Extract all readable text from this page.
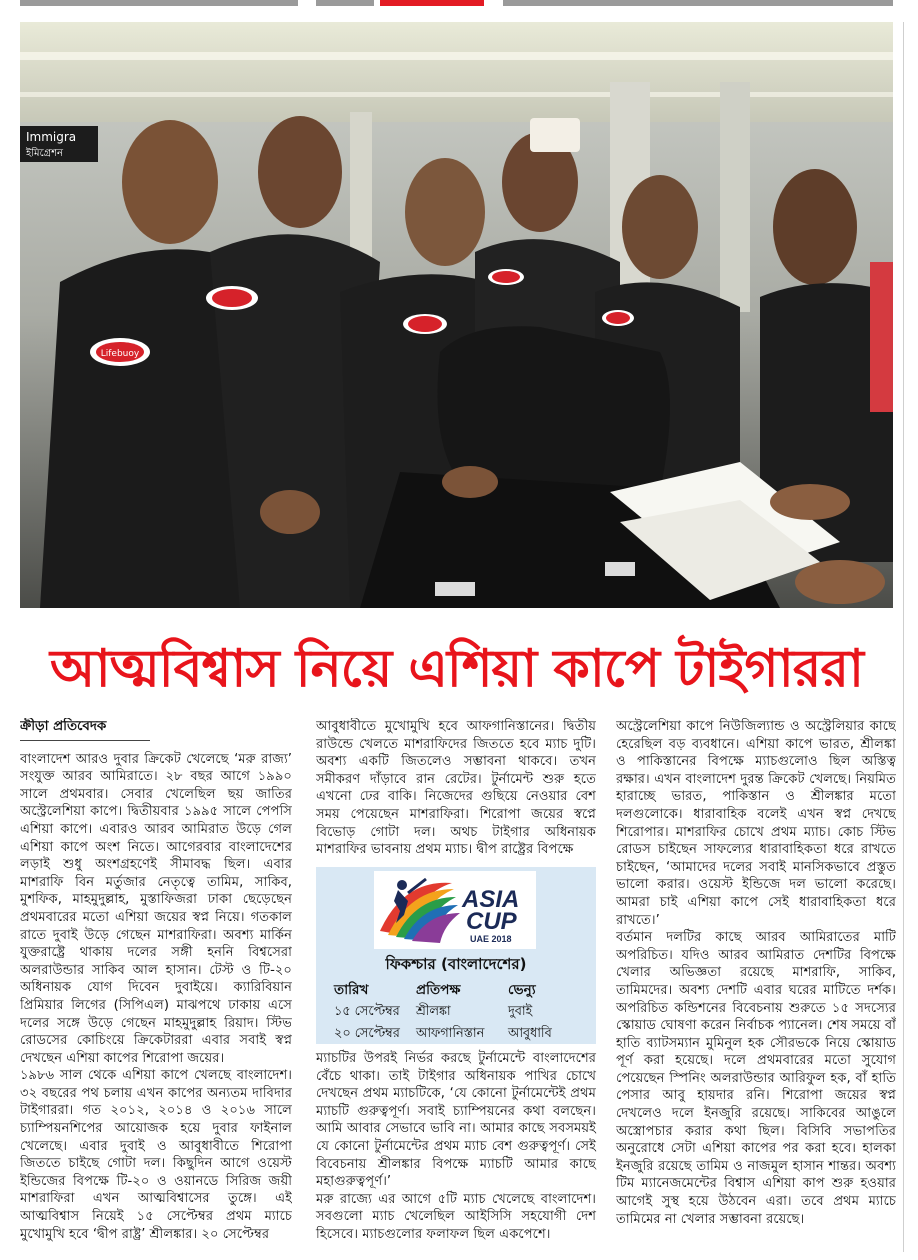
Immigra
ইমিগ্রেশন
Lifebuoy
আত্মবিশ্বাস নিয়ে এশিয়া কাপে টাইগাররা
ক্রীড়া প্রতিবেদক

বাংলাদেশ আরও দুবার ক্রিকেট খেলেছে ‘মরু রাজ্য’ সংযুক্ত আরব আমিরাতে। ২৮ বছর আগে ১৯৯০ সালে প্রথমবার। সেবার খেলেছিল ছয় জাতির অস্ট্রেলেশিয়া কাপে। দ্বিতীয়বার ১৯৯৫ সালে পেপসি এশিয়া কাপে। এবারও আরব আমিরাত উড়ে গেল এশিয়া কাপে অংশ নিতে। আগেরবার বাংলাদেশের লড়াই শুধু অংশগ্রহণেই সীমাবদ্ধ ছিল। এবার মাশরাফি বিন মর্তুজার নেতৃত্বে তামিম, সাকিব, মুশফিক, মাহমুদুল্লাহ, মুস্তাফিজরা ঢাকা ছেড়েছেন প্রথমবারের মতো এশিয়া জয়ের স্বপ্ন নিয়ে। গতকাল রাতে দুবাই উড়ে গেছেন মাশরাফিরা। অবশ্য মার্কিন যুক্তরাষ্ট্রে থাকায় দলের সঙ্গী হননি বিশ্বসেরা অলরাউন্ডার সাকিব আল হাসান। টেস্ট ও টি-২০ অধিনায়ক যোগ দিবেন দুবাইয়ে। ক্যারিবিয়ান প্রিমিয়ার লিগের (সিপিএল) মাঝপথে ঢাকায় এসে দলের সঙ্গে উড়ে গেছেন মাহমুদুল্লাহ রিয়াদ। স্টিভ রোডসের কোচিংয়ে ক্রিকেটাররা এবার সবাই স্বপ্ন দেখছেন এশিয়া কাপের শিরোপা জয়ের।

১৯৮৬ সাল থেকে এশিয়া কাপে খেলছে বাংলাদেশ। ৩২ বছরের পথ চলায় এখন কাপের অন্যতম দাবিদার টাইগাররা। গত ২০১২, ২০১৪ ও ২০১৬ সালে চ্যাম্পিয়নশিপের আয়োজক হয়ে দুবার ফাইনাল খেলেছে। এবার দুবাই ও আবুধাবীতে শিরোপা জিততে চাইছে গোটা দল। কিছুদিন আগে ওয়েস্ট ইন্ডিজের বিপক্ষে টি-২০ ও ওয়ানডে সিরিজ জয়ী মাশরাফিরা এখন আত্মবিশ্বাসের তুঙ্গে। এই আত্মবিশ্বাস নিয়েই ১৫ সেপ্টেম্বর প্রথম ম্যাচে মুখোমুখি হবে ‘দ্বীপ রাষ্ট্র’ শ্রীলঙ্কার। ২০ সেপ্টেম্বর

আবুধাবীতে মুখোমুখি হবে আফগানিস্তানের। দ্বিতীয় রাউন্ডে খেলতে মাশরাফিদের জিততে হবে ম্যাচ দুটি। অবশ্য একটি জিতলেও সম্ভাবনা থাকবে। তখন সমীকরণ দাঁড়াবে রান রেটের। টুর্নামেন্ট শুরু হতে এখনো ঢের বাকি। নিজেদের গুছিয়ে নেওয়ার বেশ সময় পেয়েছেন মাশরাফিরা। শিরোপা জয়ের স্বপ্নে বিভোড় গোটা দল। অথচ টাইগার অধিনায়ক মাশরাফির ভাবনায় প্রথম ম্যাচ। দ্বীপ রাষ্ট্রের বিপক্ষে

ASIA
CUP
UAE 2018
ফিকশ্চার (বাংলাদেশের)
তারিখ	প্রতিপক্ষ	ভেন্যু
১৫ সেপ্টেম্বর	শ্রীলঙ্কা	দুবাই
২০ সেপ্টেম্বর	আফগানিস্তান	আবুধাবি

ম্যাচটির উপরই নির্ভর করছে টুর্নামেন্টে বাংলাদেশের বেঁচে থাকা। তাই টাইগার অধিনায়ক পাখির চোখে দেখছেন প্রথম ম্যাচটিকে, ‘যে কোনো টুর্নামেন্টেই প্রথম ম্যাচটি গুরুত্বপূর্ণ। সবাই চ্যাম্পিয়নের কথা বলছেন। আমি আবার সেভাবে ভাবি না। আমার কাছে সবসময়ই যে কোনো টুর্নামেন্টের প্রথম ম্যাচ বেশ গুরুত্বপূর্ণ। সেই বিবেচনায় শ্রীলঙ্কার বিপক্ষে ম্যাচটি আমার কাছে মহাগুরুত্বপূর্ণ।’

মরু রাজ্যে এর আগে ৫টি ম্যাচ খেলেছে বাংলাদেশ। সবগুলো ম্যাচ খেলেছিল আইসিসি সহযোগী দেশ হিসেবে। ম্যাচগুলোর ফলাফল ছিল একপেশে।

অস্ট্রেলেশিয়া কাপে নিউজিল্যান্ড ও অস্ট্রেলিয়ার কাছে হেরেছিল বড় ব্যবধানে। এশিয়া কাপে ভারত, শ্রীলঙ্কা ও পাকিস্তানের বিপক্ষে ম্যাচগুলোও ছিল অস্তিত্ব রক্ষার। এখন বাংলাদেশ দুরন্ত ক্রিকেট খেলছে। নিয়মিত হারাচ্ছে ভারত, পাকিস্তান ও শ্রীলঙ্কার মতো দলগুলোকে। ধারাবাহিক বলেই এখন স্বপ্ন দেখছে শিরোপার। মাশরাফির চোখে প্রথম ম্যাচ। কোচ স্টিভ রোডস চাইছেন সাফল্যের ধারাবাহিকতা ধরে রাখতে চাইছেন, ‘আমাদের দলের সবাই মানসিকভাবে প্রস্তুত ভালো করার। ওয়েস্ট ইন্ডিজে দল ভালো করেছে। আমরা চাই এশিয়া কাপে সেই ধারাবাহিকতা ধরে রাখতে।’

বর্তমান দলটির কাছে আরব আমিরাতের মাটি অপরিচিত। যদিও আরব আমিরাত দেশটির বিপক্ষে খেলার অভিজ্ঞতা রয়েছে মাশরাফি, সাকিব, তামিমদের। অবশ্য দেশটি এবার ঘরের মাটিতে দর্শক। অপরিচিত কন্ডিশনের বিবেচনায় শুরুতে ১৫ সদস্যের স্কোয়াড ঘোষণা করেন নির্বাচক প্যানেল। শেষ সময়ে বাঁ হাতি ব্যাটসম্যান মুমিনুল হক সৌরভকে নিয়ে স্কোয়াড পূর্ণ করা হয়েছে। দলে প্রথমবারের মতো সুযোগ পেয়েছেন স্পিনিং অলরাউন্ডার আরিফুল হক, বাঁ হাতি পেসার আবু হায়দার রনি। শিরোপা জয়ের স্বপ্ন দেখলেও দলে ইনজুরি রয়েছে। সাকিবের আঙুলে অস্ত্রোপচার করার কথা ছিল। বিসিবি সভাপতির অনুরোধে সেটা এশিয়া কাপের পর করা হবে। হালকা ইনজুরি রয়েছে তামিম ও নাজমুল হাসান শান্তর। অবশ্য টিম ম্যানেজমেন্টের বিশ্বাস এশিয়া কাপ শুরু হওয়ার আগেই সুস্থ হয়ে উঠবেন এরা। তবে প্রথম ম্যাচে তামিমের না খেলার সম্ভাবনা রয়েছে।
